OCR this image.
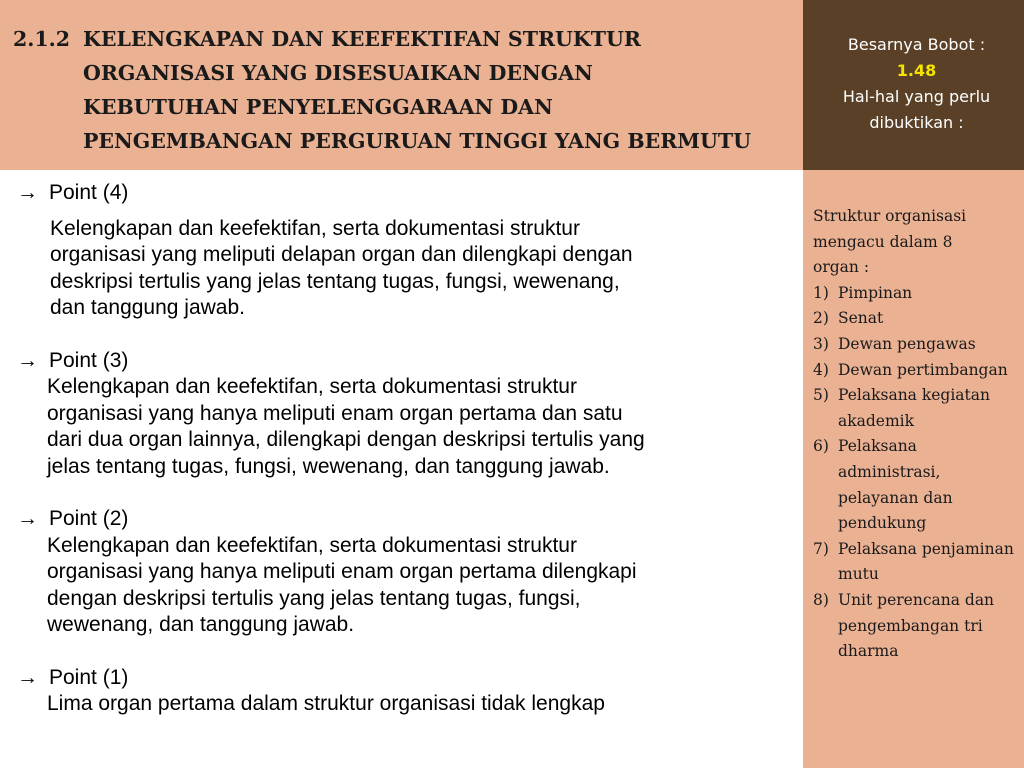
2.1.2 KELENGKAPAN DAN KEEFEKTIFAN STRUKTUR
ORGANISASI YANG DISESUAIKAN DENGAN
KEBUTUHAN PENYELENGGARAAN DAN
PENGEMBANGAN PERGURUAN TINGGI YANG BERMUTU
Besarnya Bobot :
1.48
Hal-hal yang perlu
dibuktikan :
Struktur organisasi
mengacu dalam 8
organ :
1) Pimpinan
2) Senat
3) Dewan pengawas
4) Dewan pertimbangan
5) Pelaksana kegiatan akademik
6) Pelaksana administrasi, pelayanan dan pendukung
7) Pelaksana penjaminan mutu
8) Unit perencana dan pengembangan tri dharma
→ Point (4)
Kelengkapan dan keefektifan, serta dokumentasi struktur
organisasi yang meliputi delapan organ dan dilengkapi dengan
deskripsi tertulis yang jelas tentang tugas, fungsi, wewenang,
dan tanggung jawab.
→ Point (3)
Kelengkapan dan keefektifan, serta dokumentasi struktur
organisasi yang hanya meliputi enam organ pertama dan satu
dari dua organ lainnya, dilengkapi dengan deskripsi tertulis yang
jelas tentang tugas, fungsi, wewenang, dan tanggung jawab.
→ Point (2)
Kelengkapan dan keefektifan, serta dokumentasi struktur
organisasi yang hanya meliputi enam organ pertama dilengkapi
dengan deskripsi tertulis yang jelas tentang tugas, fungsi,
wewenang, dan tanggung jawab.
→ Point (1)
Lima organ pertama dalam struktur organisasi tidak lengkap
